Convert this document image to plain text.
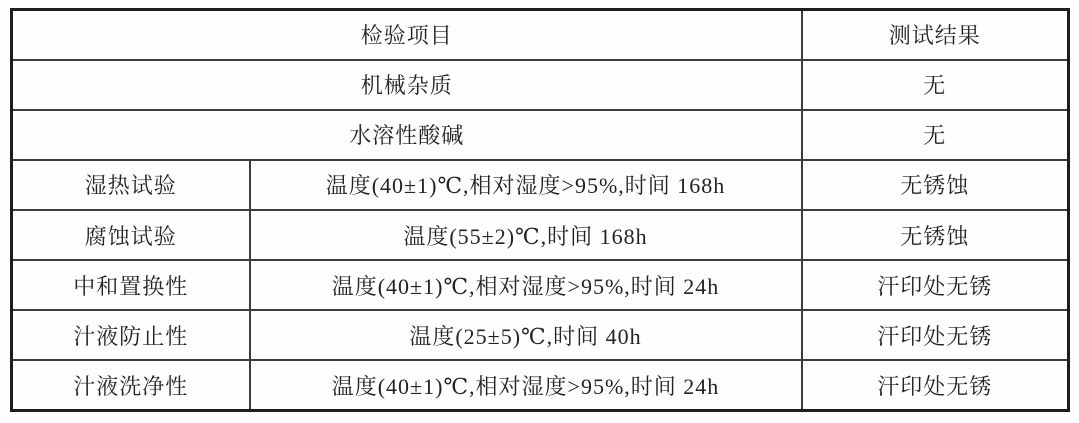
检验项目		测试结果
机械杂质		无
水溶性酸碱		无
湿热试验	温度(40±1)℃,相对湿度>95%,时间 168h	无锈蚀
腐蚀试验	温度(55±2)℃,时间 168h	无锈蚀
中和置换性	温度(40±1)℃,相对湿度>95%,时间 24h	汗印处无锈
汁液防止性	温度(25±5)℃,时间 40h	汗印处无锈
汁液洗净性	温度(40±1)℃,相对湿度>95%,时间 24h	汗印处无锈
